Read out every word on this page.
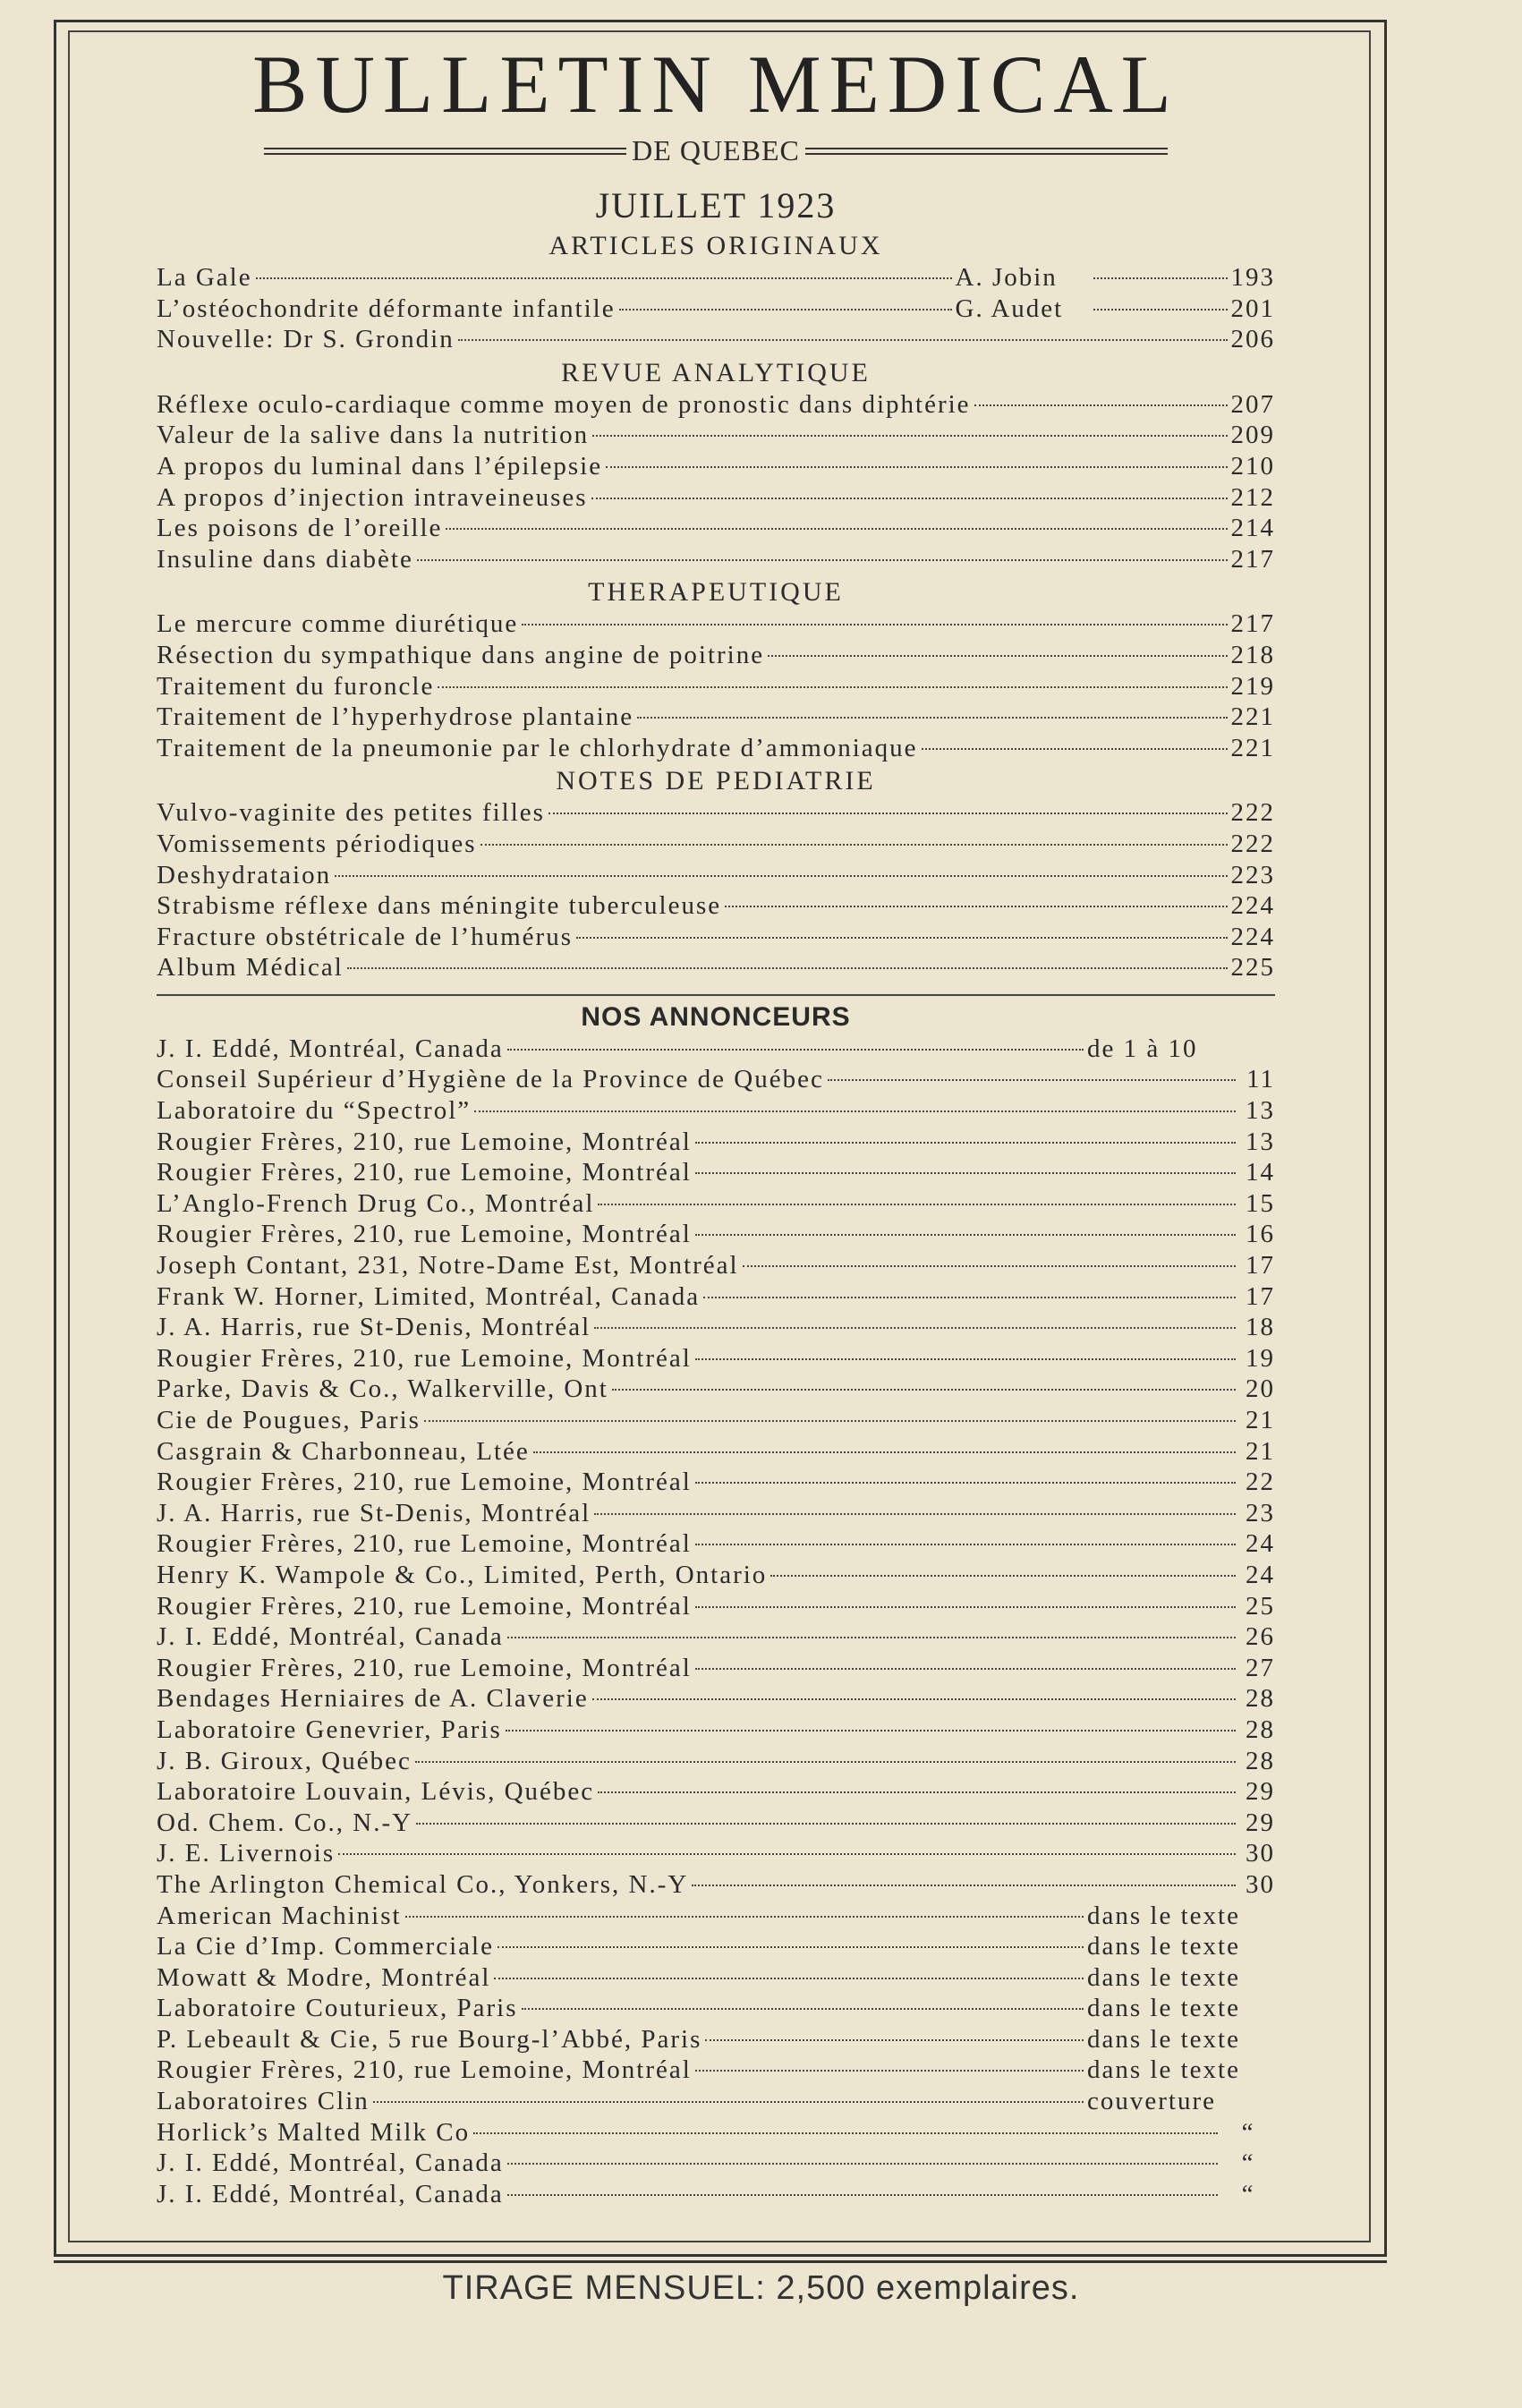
BULLETIN MEDICAL
DE QUEBEC
JUILLET 1923
ARTICLES ORIGINAUX
La Gale	A. Jobin	193
L’ostéochondrite déformante infantile	G. Audet	201
Nouvelle: Dr S. Grondin	206
REVUE ANALYTIQUE
Réflexe oculo-cardiaque comme moyen de pronostic dans diphtérie	207
Valeur de la salive dans la nutrition	209
A propos du luminal dans l’épilepsie	210
A propos d’injection intraveineuses	212
Les poisons de l’oreille	214
Insuline dans diabète	217
THERAPEUTIQUE
Le mercure comme diurétique	217
Résection du sympathique dans angine de poitrine	218
Traitement du furoncle	219
Traitement de l’hyperhydrose plantaine	221
Traitement de la pneumonie par le chlorhydrate d’ammoniaque	221
NOTES DE PEDIATRIE
Vulvo-vaginite des petites filles	222
Vomissements périodiques	222
Deshydrataion	223
Strabisme réflexe dans méningite tuberculeuse	224
Fracture obstétricale de l’humérus	224
Album Médical	225
NOS ANNONCEURS
J. I. Eddé, Montréal, Canada	de 1 à 10
Conseil Supérieur d’Hygiène de la Province de Québec	11
Laboratoire du “Spectrol”	13
Rougier Frères, 210, rue Lemoine, Montréal	13
Rougier Frères, 210, rue Lemoine, Montréal	14
L’Anglo-French Drug Co., Montréal	15
Rougier Frères, 210, rue Lemoine, Montréal	16
Joseph Contant, 231, Notre-Dame Est, Montréal	17
Frank W. Horner, Limited, Montréal, Canada	17
J. A. Harris, rue St-Denis, Montréal	18
Rougier Frères, 210, rue Lemoine, Montréal	19
Parke, Davis & Co., Walkerville, Ont	20
Cie de Pougues, Paris	21
Casgrain & Charbonneau, Ltée	21
Rougier Frères, 210, rue Lemoine, Montréal	22
J. A. Harris, rue St-Denis, Montréal	23
Rougier Frères, 210, rue Lemoine, Montréal	24
Henry K. Wampole & Co., Limited, Perth, Ontario	24
Rougier Frères, 210, rue Lemoine, Montréal	25
J. I. Eddé, Montréal, Canada	26
Rougier Frères, 210, rue Lemoine, Montréal	27
Bendages Herniaires de A. Claverie	28
Laboratoire Genevrier, Paris	28
J. B. Giroux, Québec	28
Laboratoire Louvain, Lévis, Québec	29
Od. Chem. Co., N.-Y	29
J. E. Livernois	30
The Arlington Chemical Co., Yonkers, N.-Y	30
American Machinist	dans le texte
La Cie d’Imp. Commerciale	dans le texte
Mowatt & Modre, Montréal	dans le texte
Laboratoire Couturieux, Paris	dans le texte
P. Lebeault & Cie, 5 rue Bourg-l’Abbé, Paris	dans le texte
Rougier Frères, 210, rue Lemoine, Montréal	dans le texte
Laboratoires Clin	couverture
Horlick’s Malted Milk Co	“
J. I. Eddé, Montréal, Canada	“
J. I. Eddé, Montréal, Canada	“
TIRAGE MENSUEL: 2,500 exemplaires.
